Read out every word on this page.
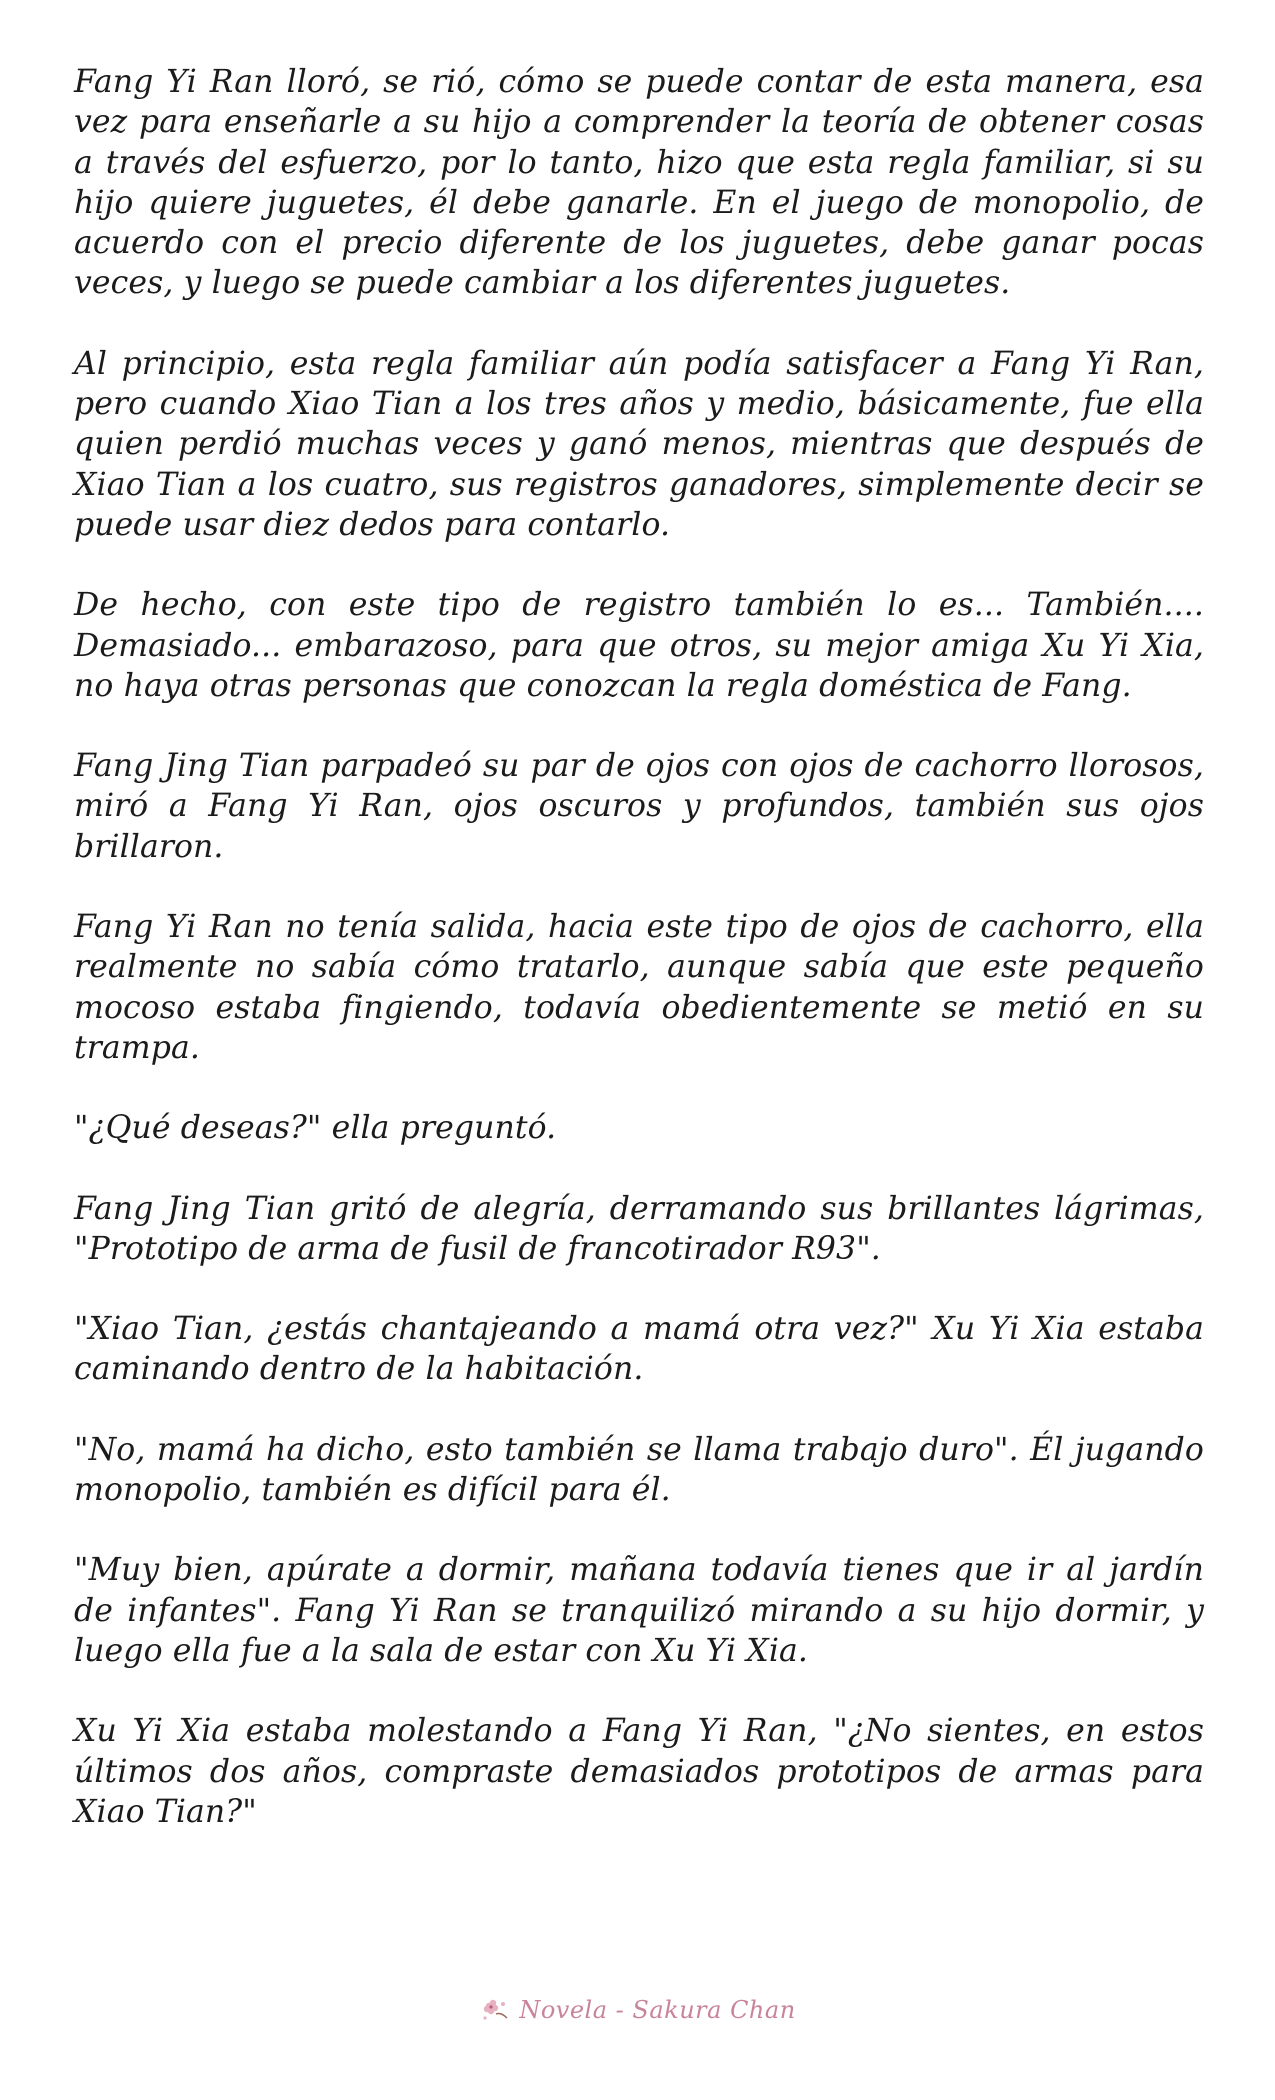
Fang Yi Ran lloró, se rió, cómo se puede contar de esta manera, esa vez para enseñarle a su hijo a comprender la teoría de obtener cosas a través del esfuerzo, por lo tanto, hizo que esta regla familiar, si su hijo quiere juguetes, él debe ganarle. En el juego de monopolio, de acuerdo con el precio diferente de los juguetes, debe ganar pocas veces, y luego se puede cambiar a los diferentes juguetes.

Al principio, esta regla familiar aún podía satisfacer a Fang Yi Ran, pero cuando Xiao Tian a los tres años y medio, básicamente, fue ella quien perdió muchas veces y ganó menos, mientras que después de Xiao Tian a los cuatro, sus registros ganadores, simplemente decir se puede usar diez dedos para contarlo.

De hecho, con este tipo de registro también lo es... También.... Demasiado... embarazoso, para que otros, su mejor amiga Xu Yi Xia, no haya otras personas que conozcan la regla doméstica de Fang.

Fang Jing Tian parpadeó su par de ojos con ojos de cachorro llorosos, miró a Fang Yi Ran, ojos oscuros y profundos, también sus ojos brillaron.

Fang Yi Ran no tenía salida, hacia este tipo de ojos de cachorro, ella realmente no sabía cómo tratarlo, aunque sabía que este pequeño mocoso estaba fingiendo, todavía obedientemente se metió en su trampa.

"¿Qué deseas?" ella preguntó.

Fang Jing Tian gritó de alegría, derramando sus brillantes lágrimas, "Prototipo de arma de fusil de francotirador R93".

"Xiao Tian, ¿estás chantajeando a mamá otra vez?" Xu Yi Xia estaba caminando dentro de la habitación.

"No, mamá ha dicho, esto también se llama trabajo duro". Él jugando monopolio, también es difícil para él.

"Muy bien, apúrate a dormir, mañana todavía tienes que ir al jardín de infantes". Fang Yi Ran se tranquilizó mirando a su hijo dormir, y luego ella fue a la sala de estar con Xu Yi Xia.

Xu Yi Xia estaba molestando a Fang Yi Ran, "¿No sientes, en estos últimos dos años, compraste demasiados prototipos de armas para Xiao Tian?"

Novela - Sakura Chan
